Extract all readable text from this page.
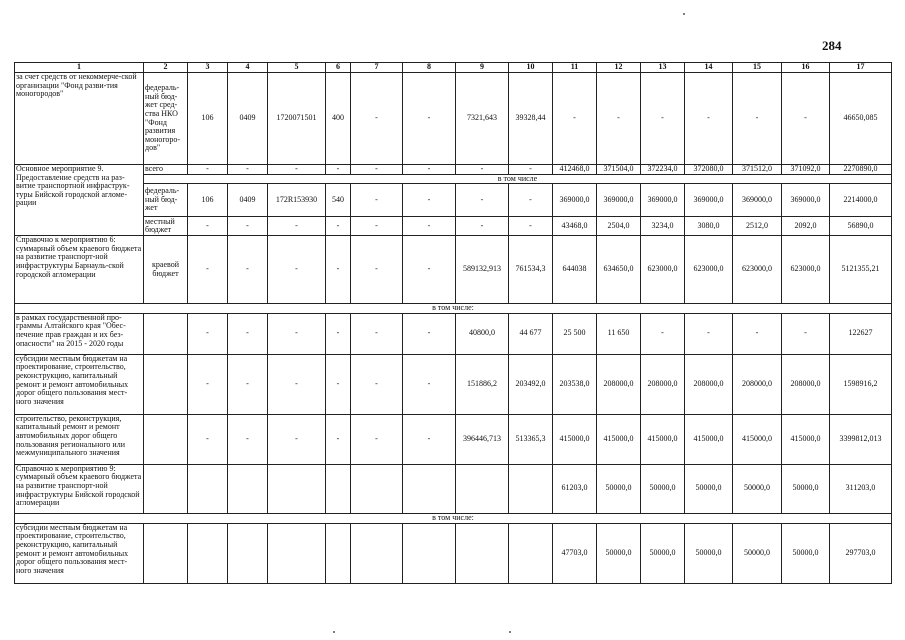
284
1	2	3	4	5	6	7	8	9	10	11	12	13	14	15	16	17
за счет средств от некоммерче-ской организации "Фонд разви-тия моногородов"	федераль-ный бюд-жет сред-ства НКО "Фонд развития моногоро-дов"	106	0409	1720071501	400	-	-	7321,643	39328,44	-	-	-	-	-	-	46650,085
Основное мероприятие 9. Предоставление средств на раз-витие транспортной инфраструк-туры Бийской городской агломе-рации	всего	-	-	-	-	-	-	-	-	412468,0	371504,0	372234,0	372080,0	371512,0	371092,0	2270890,0
	в том числе															
	федераль-ный бюд-жет	106	0409	172R153930	540	-	-	-	-	369000,0	369000,0	369000,0	369000,0	369000,0	369000,0	2214000,0
	местный бюджет	-	-	-	-	-	-	-	-	43468,0	2504,0	3234,0	3080,0	2512,0	2092,0	56890,0
Справочно к мероприятию 6: суммарный объем краевого бюджета на развитие транспорт-ной инфраструктуры Барнауль-ской городской агломерации	краевой бюджет	-	-	-	-	-	-	589132,913	761534,3	644038	634650,0	623000,0	623000,0	623000,0	623000,0	5121355,21
в том числе:																
в рамках государственной про-граммы Алтайского края "Обес-печение прав граждан и их без-опасности" на 2015 - 2020 годы		-	-	-	-	-	-	40800,0	44 677	25 500	11 650	-	-	-	-	122627
субсидии местным бюджетам на проектирование, строительство, реконструкцию, капитальный ремонт и ремонт автомобильных дорог общего пользования мест-ного значения		-	-	-	-	-	-	151886,2	203492,0	203538,0	208000,0	208000,0	208000,0	208000,0	208000,0	1598916,2
строительство, реконструкция, капитальный ремонт и ремонт автомобильных дорог общего пользования регионального или межмуниципального значения		-	-	-	-	-	-	396446,713	513365,3	415000,0	415000,0	415000,0	415000,0	415000,0	415000,0	3399812,013
Справочно к мероприятию 9: суммарный объем краевого бюджета на развитие транспорт-ной инфраструктуры Бийской городской агломерации										61203,0	50000,0	50000,0	50000,0	50000,0	50000,0	311203,0
в том числе:																
субсидии местным бюджетам на проектирование, строительство, реконструкцию, капитальный ремонт и ремонт автомобильных дорог общего пользования мест-ного значения										47703,0	50000,0	50000,0	50000,0	50000,0	50000,0	297703,0
